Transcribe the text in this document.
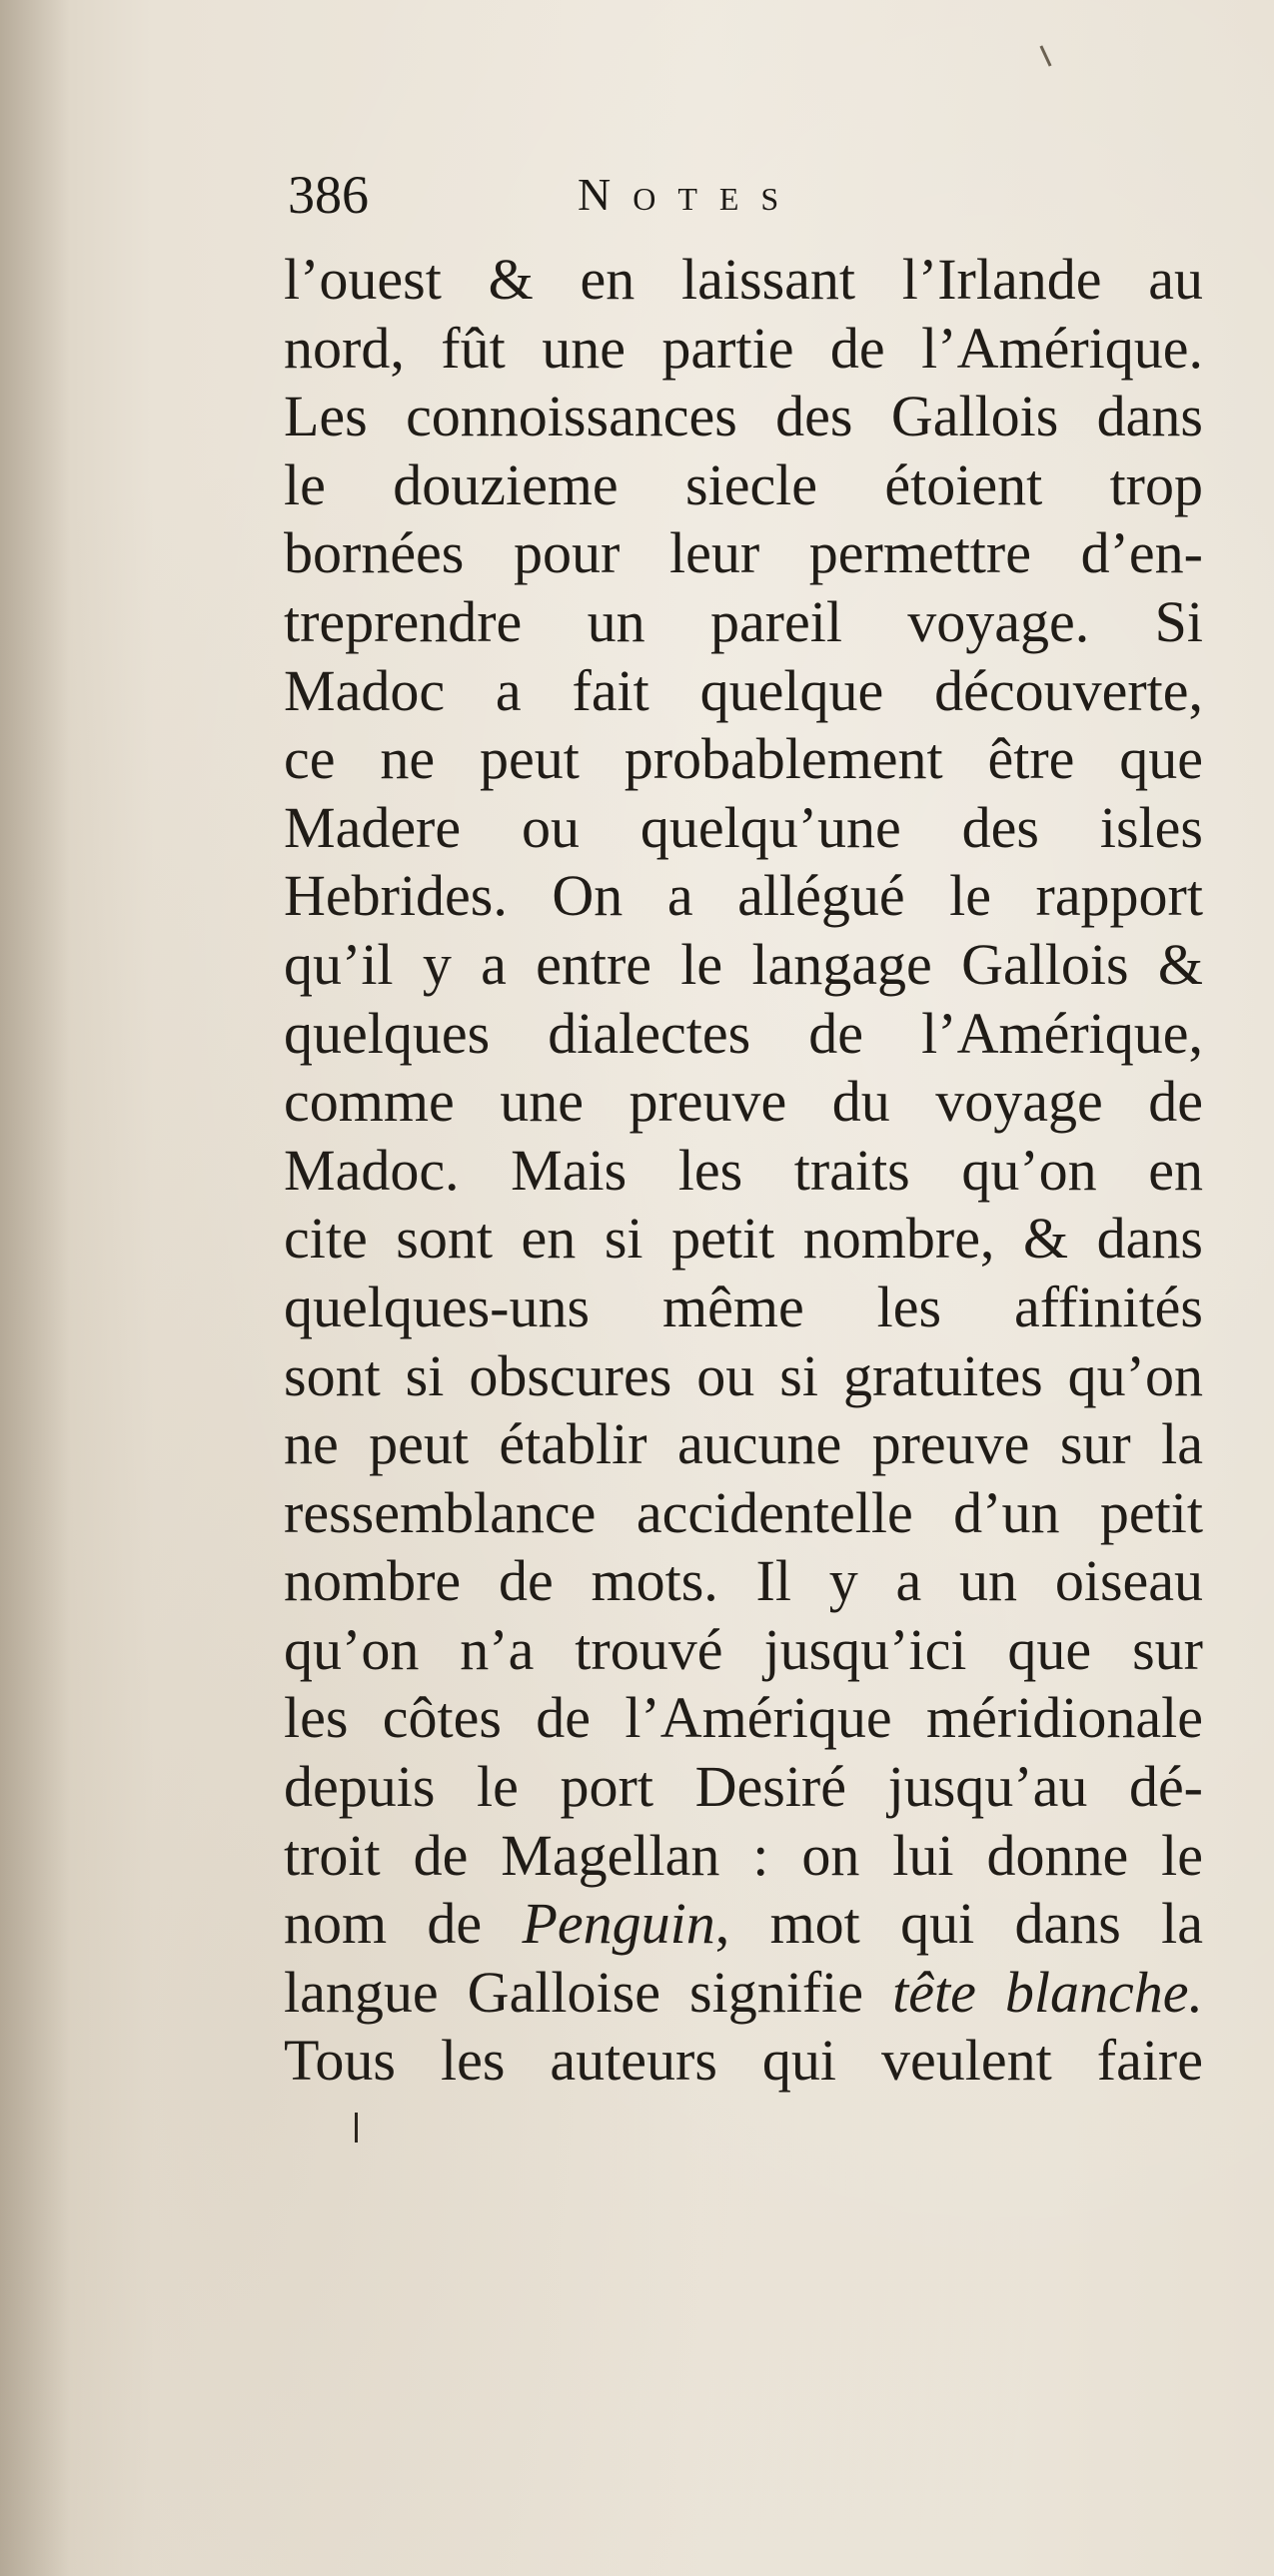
386	Notes
l’ouest & en laissant l’Irlande au
nord, fût une partie de l’Amérique.
Les connoissances des Gallois dans
le douzieme siecle étoient trop
bornées pour leur permettre d’en-
treprendre un pareil voyage. Si
Madoc a fait quelque découverte,
ce ne peut probablement être que
Madere ou quelqu’une des isles
Hebrides. On a allégué le rapport
qu’il y a entre le langage Gallois &
quelques dialectes de l’Amérique,
comme une preuve du voyage de
Madoc. Mais les traits qu’on en
cite sont en si petit nombre, & dans
quelques-uns même les affinités
sont si obscures ou si gratuites qu’on
ne peut établir aucune preuve sur la
ressemblance accidentelle d’un petit
nombre de mots. Il y a un oiseau
qu’on n’a trouvé jusqu’ici que sur
les côtes de l’Amérique méridionale
depuis le port Desiré jusqu’au dé-
troit de Magellan : on lui donne le
nom de Penguin, mot qui dans la
langue Galloise signifie tête blanche.
Tous les auteurs qui veulent faire
